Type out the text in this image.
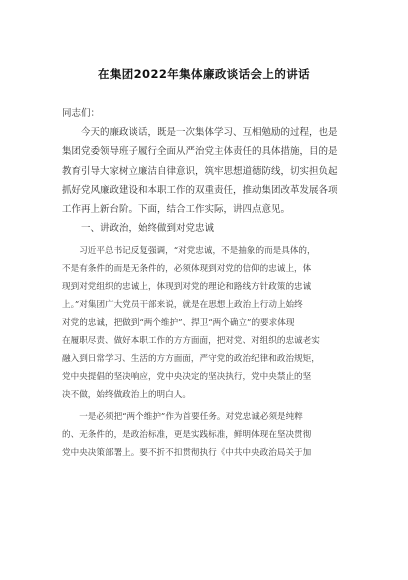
在集团2022年集体廉政谈话会上的讲话
同志们：
今天的廉政谈话，既是一次集体学习、互相勉励的过程，也是
集团党委领导班子履行全面从严治党主体责任的具体措施，目的是
教育引导大家树立廉洁自律意识，筑牢思想道德防线，切实担负起
抓好党风廉政建设和本职工作的双重责任，推动集团改革发展各项
工作再上新台阶。下面，结合工作实际，讲四点意见。
一、讲政治，始终做到对党忠诚
习近平总书记反复强调，“对党忠诚，不是抽象的而是具体的，
不是有条件的而是无条件的，必须体现到对党的信仰的忠诚上，体
现到对党组织的忠诚上，体现到对党的理论和路线方针政策的忠诚
上。”对集团广大党员干部来说，就是在思想上政治上行动上始终
对党的忠诚，把做到“两个维护”、捍卫“两个确立”的要求体现
在履职尽责、做好本职工作的方方面面，把对党、对组织的忠诚老实
融入到日常学习、生活的方方面面，严守党的政治纪律和政治规矩，
党中央提倡的坚决响应，党中央决定的坚决执行，党中央禁止的坚
决不做，始终做政治上的明白人。
一是必须把“两个维护”作为首要任务。对党忠诚必须是纯粹
的、无条件的，是政治标准，更是实践标准，鲜明体现在坚决贯彻
党中央决策部署上。要不折不扣贯彻执行《中共中央政治局关于加
